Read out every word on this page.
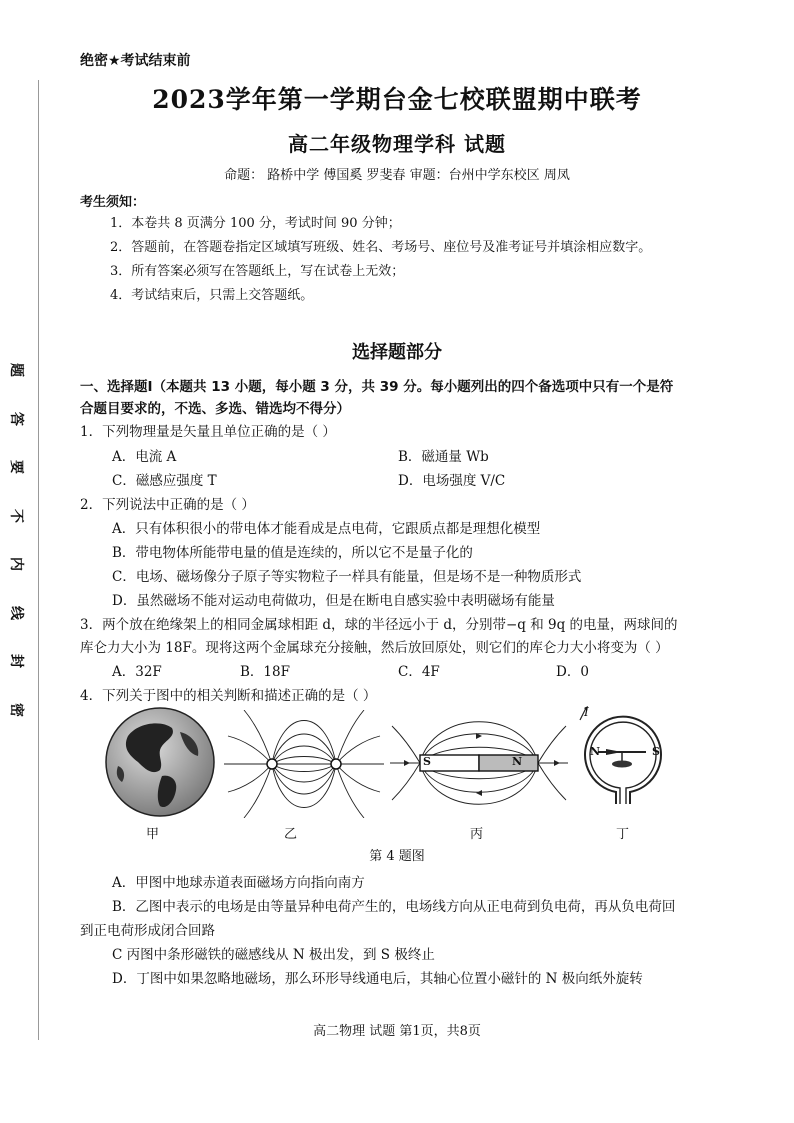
绝密★考试结束前
2023学年第一学期台金七校联盟期中联考
高二年级物理学科 试题
命题： 路桥中学 傅国奚 罗斐春 审题：台州中学东校区 周凤
考生须知：
1．本卷共 8 页满分 100 分，考试时间 90 分钟；
2．答题前，在答题卷指定区域填写班级、姓名、考场号、座位号及准考证号并填涂相应数字。
3．所有答案必须写在答题纸上，写在试卷上无效；
4．考试结束后，只需上交答题纸。
题
答
要
不
内
线
封
密
选择题部分
一、选择题Ⅰ（本题共 13 小题，每小题 3 分，共 39 分。每小题列出的四个备选项中只有一个是符
合题目要求的，不选、多选、错选均不得分）
1．下列物理量是矢量且单位正确的是（ ）
A．电流 A	B．磁通量 Wb
C．磁感应强度 T	D．电场强度 V/C
2．下列说法中正确的是（ ）
A．只有体积很小的带电体才能看成是点电荷，它跟质点都是理想化模型
B．带电物体所能带电量的值是连续的，所以它不是量子化的
C．电场、磁场像分子原子等实物粒子一样具有能量，但是场不是一种物质形式
D．虽然磁场不能对运动电荷做功，但是在断电自感实验中表明磁场有能量
3．两个放在绝缘架上的相同金属球相距 d，球的半径远小于 d，分别带−q 和 9q 的电量，两球间的
库仑力大小为 18F。现将这两个金属球充分接触，然后放回原处，则它们的库仑力大小将变为（ ）
A．32F	B．18F	C．4F	D．0
4．下列关于图中的相关判断和描述正确的是（ ）
甲	乙
S	N
丙
N	S
I
丁
第 4 题图
A．甲图中地球赤道表面磁场方向指向南方
B．乙图中表示的电场是由等量异种电荷产生的，电场线方向从正电荷到负电荷，再从负电荷回
到正电荷形成闭合回路
C 丙图中条形磁铁的磁感线从 N 极出发，到 S 极终止
D．丁图中如果忽略地磁场，那么环形导线通电后，其轴心位置小磁针的 N 极向纸外旋转
高二物理 试题 第1页，共8页
